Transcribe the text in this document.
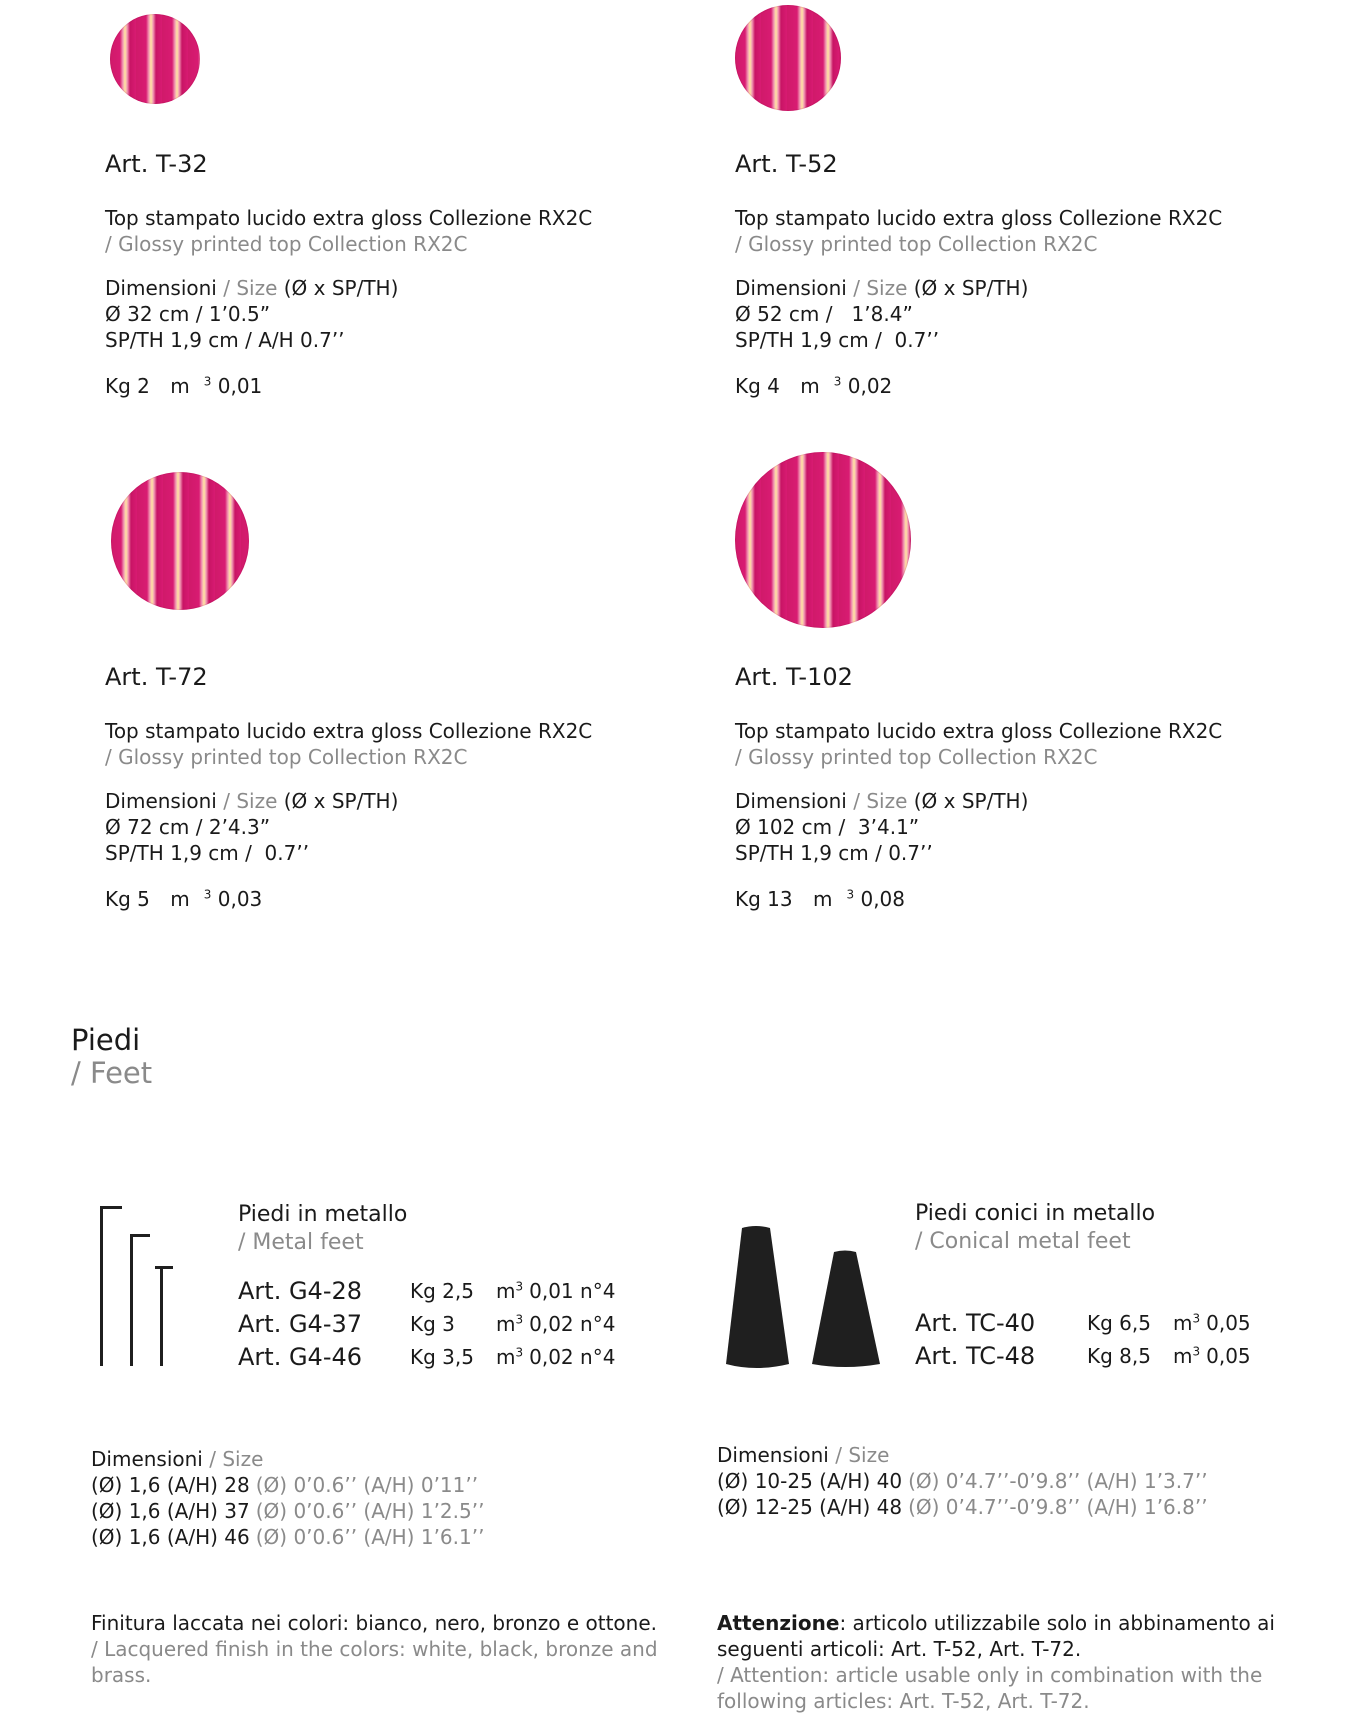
Art. T-32
Top stampato lucido extra gloss Collezione RX2C
/ Glossy printed top Collection RX2C
Dimensioni / Size (Ø x SP/TH)
Ø 32 cm / 1’0.5”
SP/TH 1,9 cm / A/H 0.7’’
Kg 2 m $^3$ 0,01
Art. T-52
Top stampato lucido extra gloss Collezione RX2C
/ Glossy printed top Collection RX2C
Dimensioni / Size (Ø x SP/TH)
Ø 52 cm /   1’8.4”
SP/TH 1,9 cm /  0.7’’
Kg 4 m $^3$ 0,02
Art. T-72
Top stampato lucido extra gloss Collezione RX2C
/ Glossy printed top Collection RX2C
Dimensioni / Size (Ø x SP/TH)
Ø 72 cm / 2’4.3”
SP/TH 1,9 cm /  0.7’’
Kg 5 m $^3$ 0,03
Art. T-102
Top stampato lucido extra gloss Collezione RX2C
/ Glossy printed top Collection RX2C
Dimensioni / Size (Ø x SP/TH)
Ø 102 cm /  3’4.1”
SP/TH 1,9 cm / 0.7’’
Kg 13 m $^3$ 0,08
Piedi
/ Feet
Piedi in metallo
/ Metal feet
Art. G4-28	Kg 2,5	$m^3$ 0,01 n°4
Art. G4-37	Kg 3	$m^3$ 0,02 n°4
Art. G4-46	Kg 3,5	$m^3$ 0,02 n°4
Dimensioni / Size
(Ø) 1,6 (A/H) 28 (Ø) 0’0.6’’ (A/H) 0’11’’
(Ø) 1,6 (A/H) 37 (Ø) 0’0.6’’ (A/H) 1’2.5’’
(Ø) 1,6 (A/H) 46 (Ø) 0’0.6’’ (A/H) 1’6.1’’
Finitura laccata nei colori: bianco, nero, bronzo e ottone.
/ Lacquered finish in the colors: white, black, bronze and brass.
Piedi conici in metallo
/ Conical metal feet
Art. TC-40	Kg 6,5	$m^3$ 0,05
Art. TC-48	Kg 8,5	$m^3$ 0,05
Dimensioni / Size
(Ø) 10-25 (A/H) 40 (Ø) 0’4.7’’-0’9.8’’ (A/H) 1’3.7’’
(Ø) 12-25 (A/H) 48 (Ø) 0’4.7’’-0’9.8’’ (A/H) 1’6.8’’
Attenzione: articolo utilizzabile solo in abbinamento ai seguenti articoli: Art. T-52, Art. T-72.
/ Attention: article usable only in combination with the following articles: Art. T-52, Art. T-72.
